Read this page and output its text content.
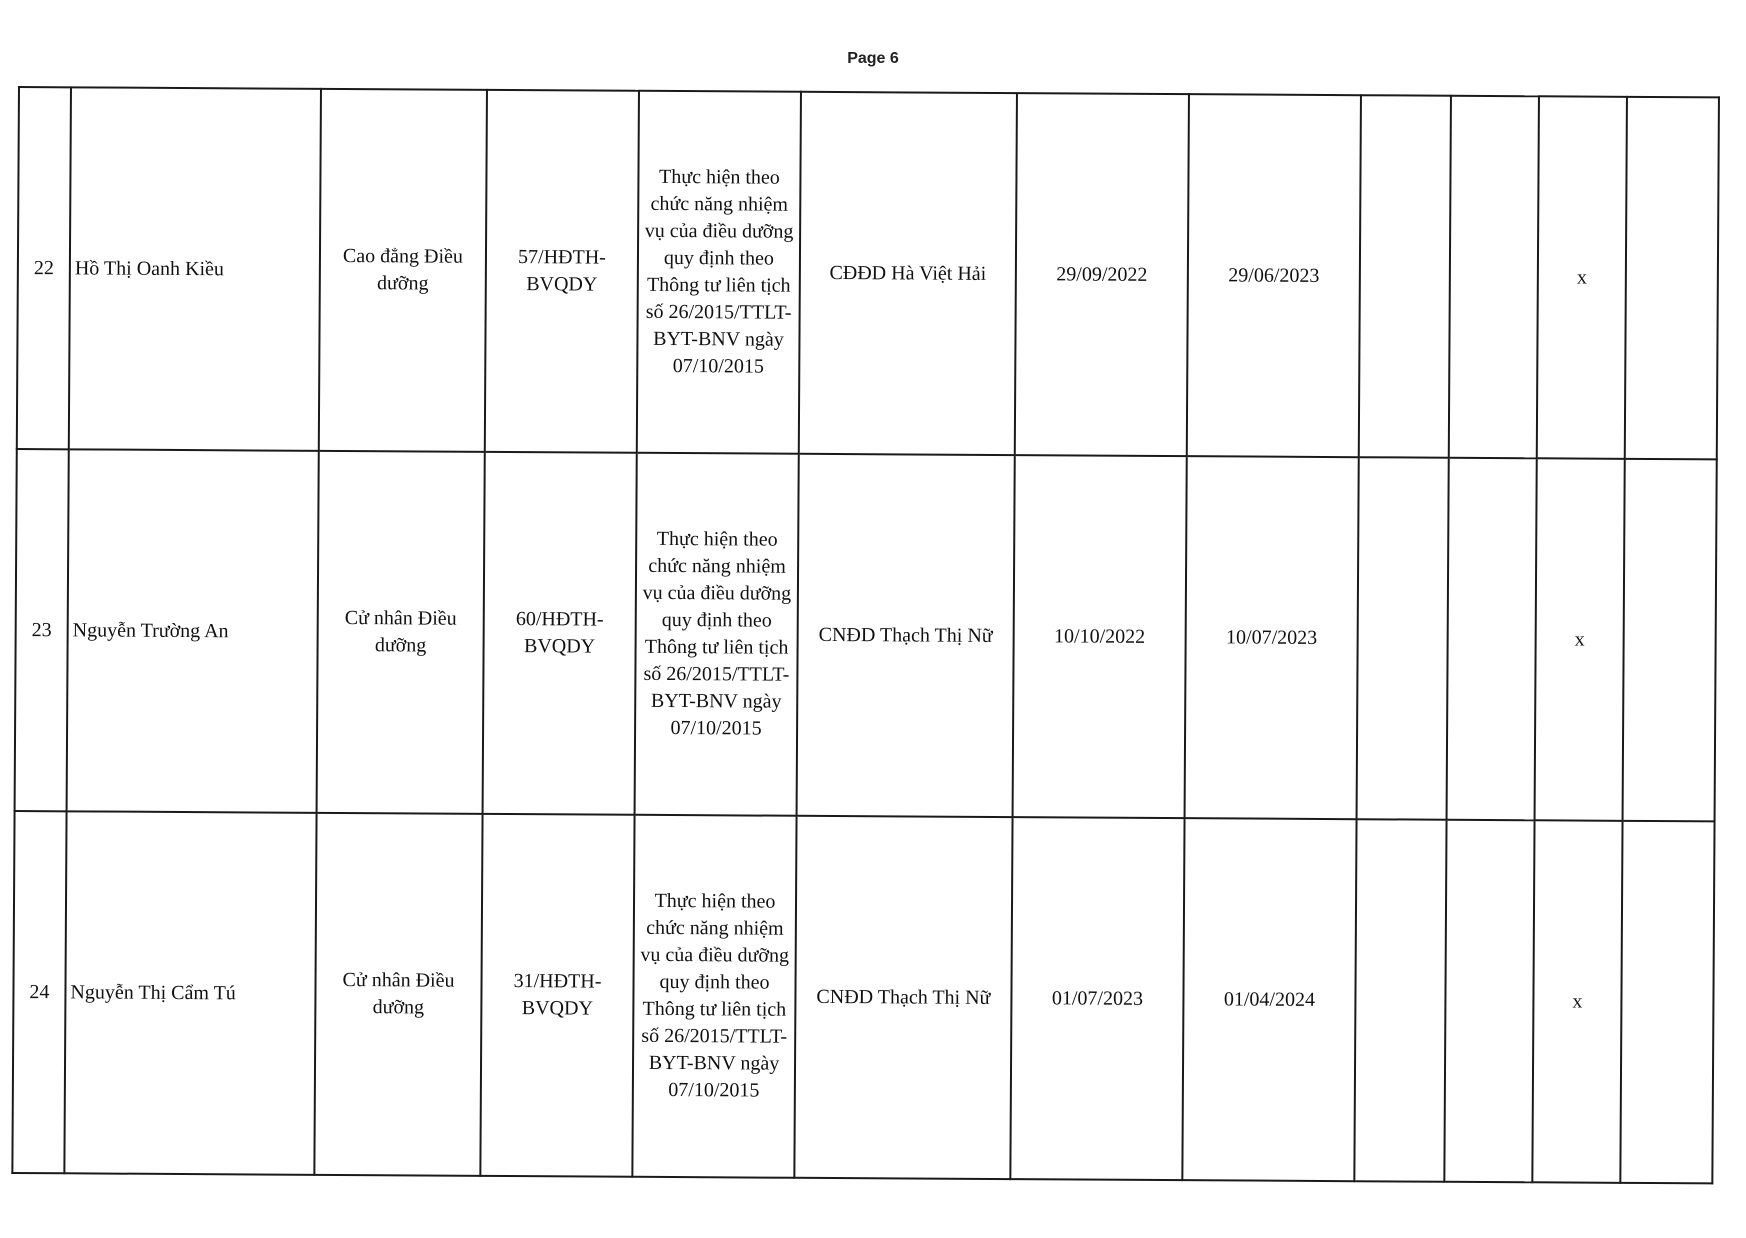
Page 6
22	Hồ Thị Oanh Kiều	Cao đẳng Điều dưỡng	57/HĐTH-BVQDY	Thực hiện theo chức năng nhiệm vụ của điều dưỡng quy định theo Thông tư liên tịch số 26/2015/TTLT-BYT-BNV ngày 07/10/2015	CĐĐD Hà Việt Hải	29/09/2022	29/06/2023			x	
23	Nguyễn Trường An	Cử nhân Điều dưỡng	60/HĐTH-BVQDY	Thực hiện theo chức năng nhiệm vụ của điều dưỡng quy định theo Thông tư liên tịch số 26/2015/TTLT-BYT-BNV ngày 07/10/2015	CNĐD Thạch Thị Nữ	10/10/2022	10/07/2023			x	
24	Nguyễn Thị Cẩm Tú	Cử nhân Điều dưỡng	31/HĐTH-BVQDY	Thực hiện theo chức năng nhiệm vụ của điều dưỡng quy định theo Thông tư liên tịch số 26/2015/TTLT-BYT-BNV ngày 07/10/2015	CNĐD Thạch Thị Nữ	01/07/2023	01/04/2024			x	
